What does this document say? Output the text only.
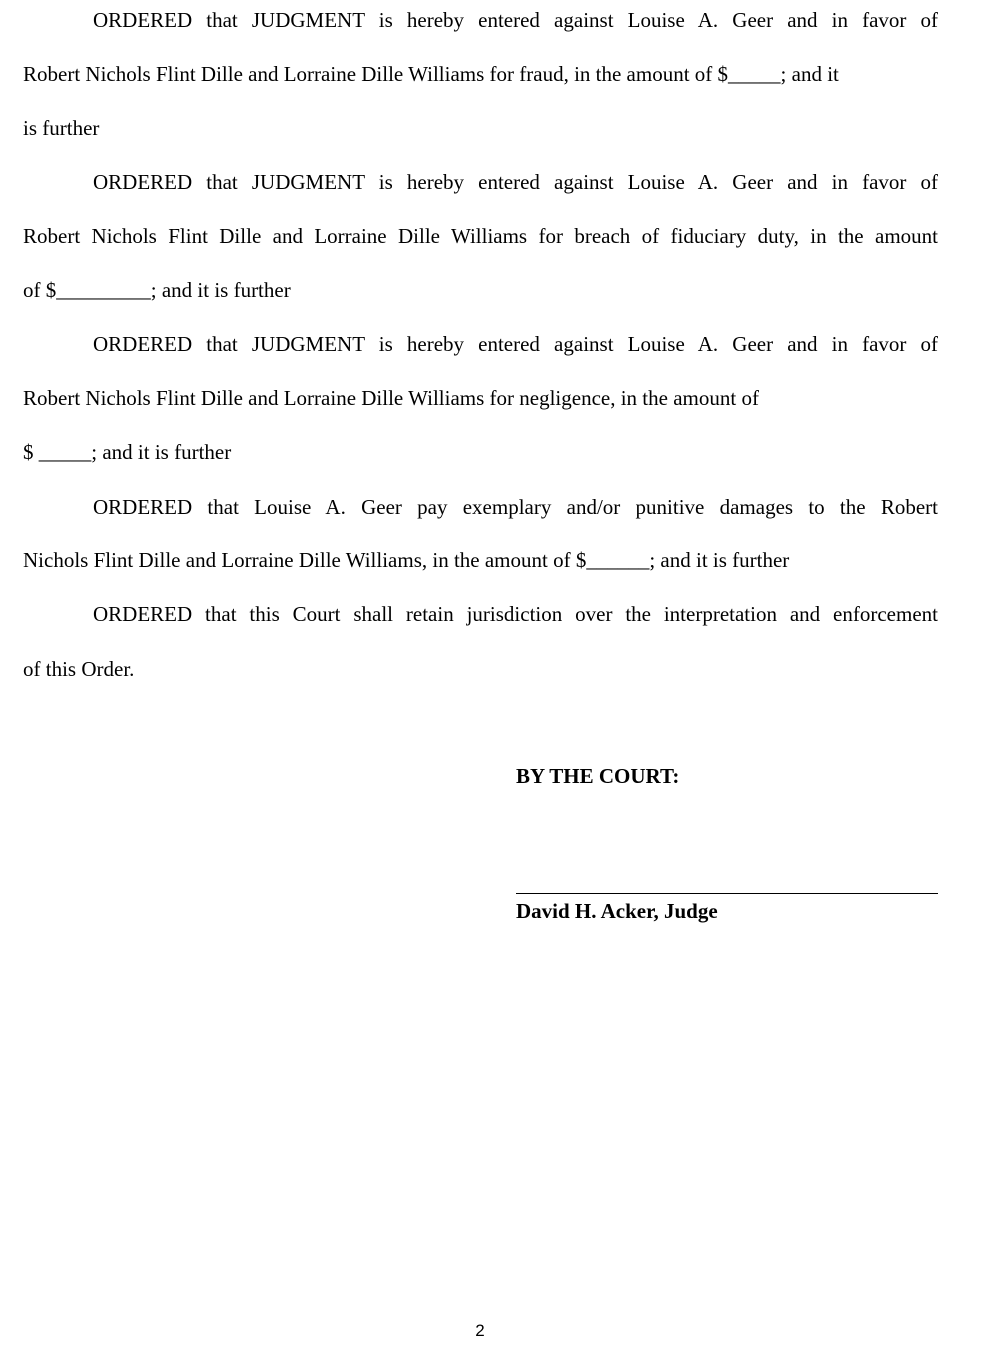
ORDERED that JUDGMENT is hereby entered against Louise A. Geer and in favor of

Robert Nichols Flint Dille and Lorraine Dille Williams for fraud, in the amount of $_____; and it

is further

ORDERED that JUDGMENT is hereby entered against Louise A. Geer and in favor of

Robert Nichols Flint Dille and Lorraine Dille Williams for breach of fiduciary duty, in the amount

of $_________; and it is further

ORDERED that JUDGMENT is hereby entered against Louise A. Geer and in favor of

Robert Nichols Flint Dille and Lorraine Dille Williams for negligence, in the amount of

$ _____; and it is further

ORDERED that Louise A. Geer pay exemplary and/or punitive damages to the Robert

Nichols Flint Dille and Lorraine Dille Williams, in the amount of $______; and it is further

ORDERED that this Court shall retain jurisdiction over the interpretation and enforcement

of this Order.

BY THE COURT:

David H. Acker, Judge

2
